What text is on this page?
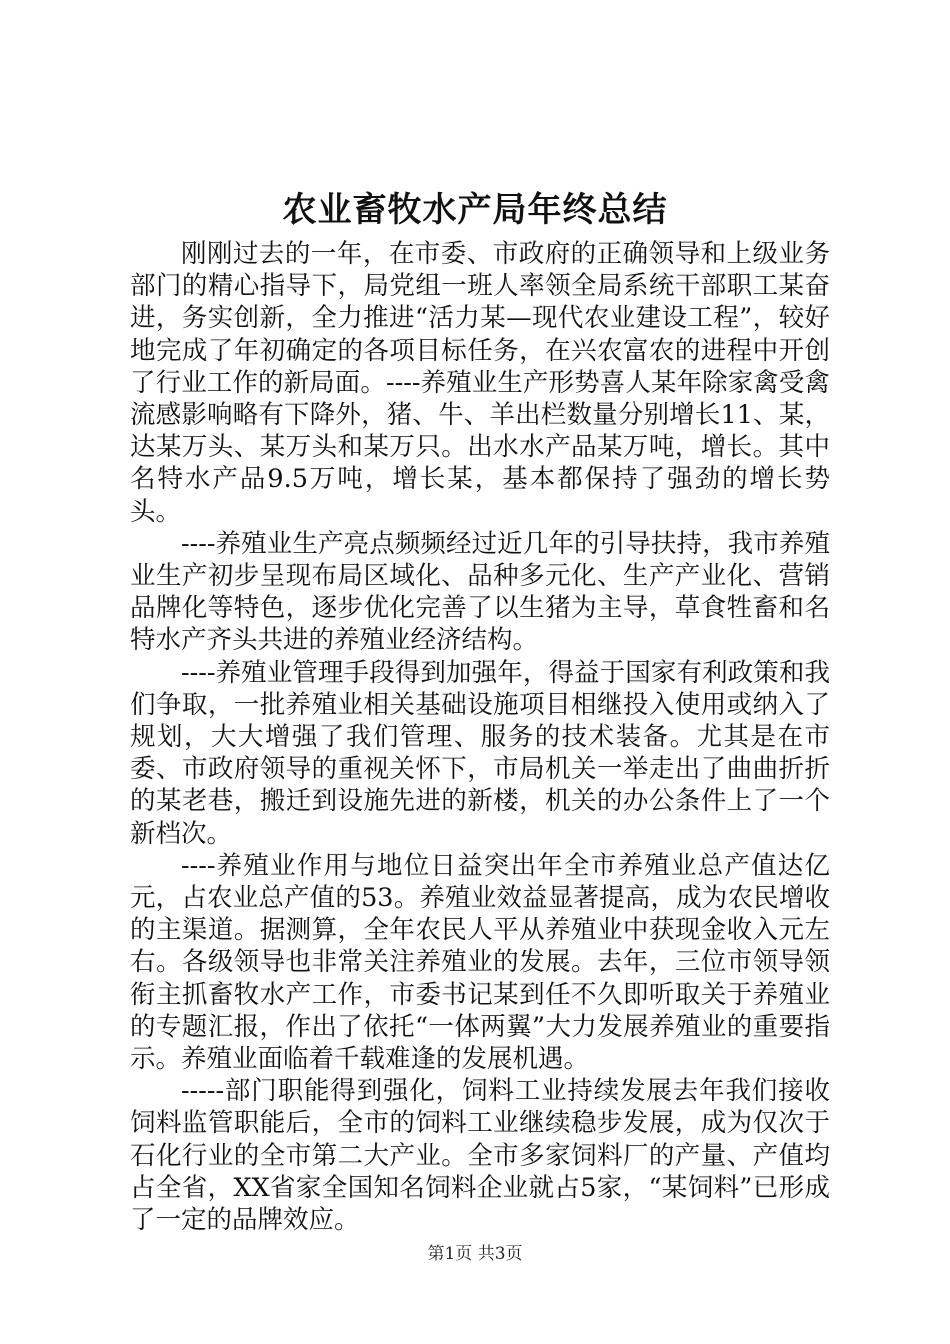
农业畜牧水产局年终总结

刚刚过去的一年，在市委、市政府的正确领导和上级业务部门的精心指导下，局党组一班人率领全局系统干部职工某奋进，务实创新，全力推进“活力某—现代农业建设工程”，较好地完成了年初确定的各项目标任务，在兴农富农的进程中开创了行业工作的新局面。----养殖业生产形势喜人某年除家禽受禽流感影响略有下降外，猪、牛、羊出栏数量分别增长11、某，达某万头、某万头和某万只。出水水产品某万吨，增长。其中名特水产品9.5万吨，增长某，基本都保持了强劲的增长势头。

----养殖业生产亮点频频经过近几年的引导扶持，我市养殖业生产初步呈现布局区域化、品种多元化、生产产业化、营销品牌化等特色，逐步优化完善了以生猪为主导，草食牲畜和名特水产齐头共进的养殖业经济结构。

----养殖业管理手段得到加强年，得益于国家有利政策和我们争取，一批养殖业相关基础设施项目相继投入使用或纳入了规划，大大增强了我们管理、服务的技术装备。尤其是在市委、市政府领导的重视关怀下，市局机关一举走出了曲曲折折的某老巷，搬迁到设施先进的新楼，机关的办公条件上了一个新档次。

----养殖业作用与地位日益突出年全市养殖业总产值达亿元，占农业总产值的53。养殖业效益显著提高，成为农民增收的主渠道。据测算，全年农民人平从养殖业中获现金收入元左右。各级领导也非常关注养殖业的发展。去年，三位市领导领衔主抓畜牧水产工作，市委书记某到任不久即听取关于养殖业的专题汇报，作出了依托“一体两翼”大力发展养殖业的重要指示。养殖业面临着千载难逢的发展机遇。

-----部门职能得到强化，饲料工业持续发展去年我们接收饲料监管职能后，全市的饲料工业继续稳步发展，成为仅次于石化行业的全市第二大产业。全市多家饲料厂的产量、产值均占全省，XX省家全国知名饲料企业就占5家，“某饲料”已形成了一定的品牌效应。

第1页 共3页
